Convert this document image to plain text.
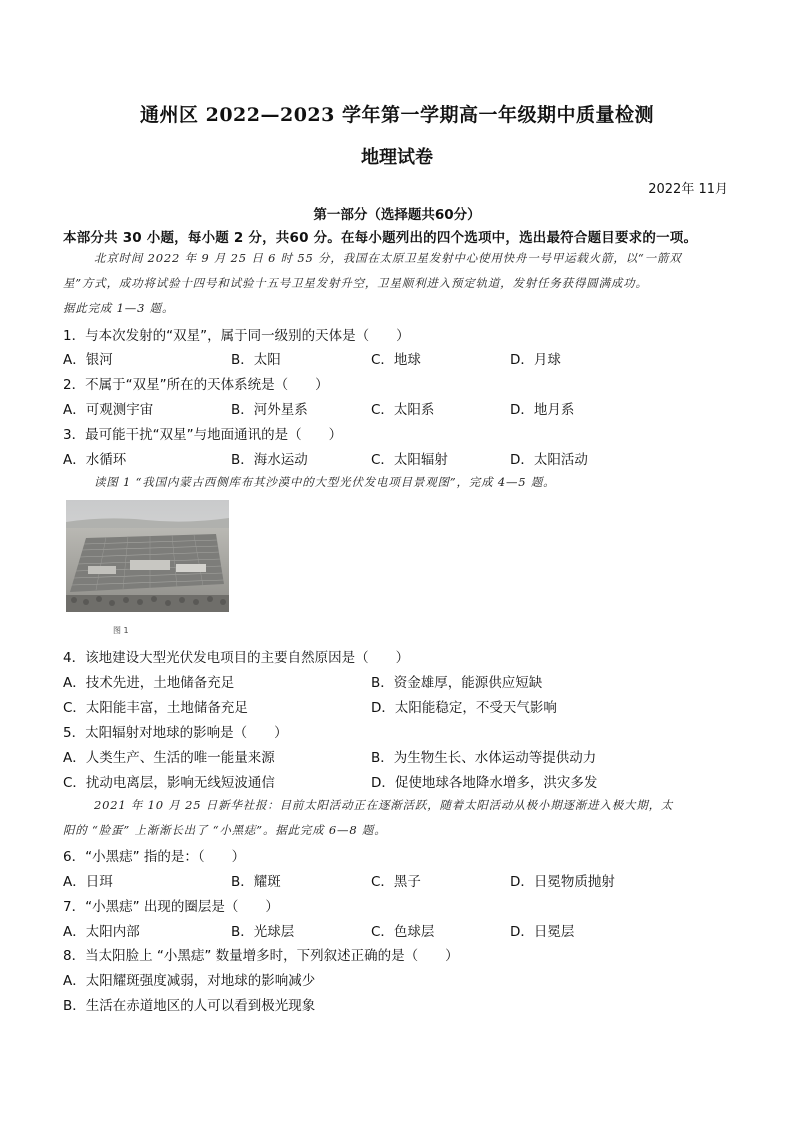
通州区 2022—2023 学年第一学期高一年级期中质量检测
地理试卷
2022年 11月
第一部分（选择题共60分）
本部分共 30 小题，每小题 2 分，共60 分。在每小题列出的四个选项中，选出最符合题目要求的一项。
北京时间 2022 年 9 月 25 日 6 时 55 分，我国在太原卫星发射中心使用快舟一号甲运载火箭，以“一箭双
星”方式，成功将试验十四号和试验十五号卫星发射升空，卫星顺利进入预定轨道，发射任务获得圆满成功。
据此完成 1—3 题。
1．与本次发射的“双星”，属于同一级别的天体是（　　）
A．银河	B．太阳	C．地球	D．月球
2．不属于“双星”所在的天体系统是（　　）
A．可观测宇宙	B．河外星系	C．太阳系	D．地月系
3．最可能干扰“双星”与地面通讯的是（　　）
A．水循环	B．海水运动	C．太阳辐射	D．太阳活动
读图 1 “我国内蒙古西侧库布其沙漠中的大型光伏发电项目景观图”，完成 4—5 题。
图 1
4．该地建设大型光伏发电项目的主要自然原因是（　　）
A．技术先进，土地储备充足	B．资金雄厚，能源供应短缺
C．太阳能丰富，土地储备充足	D．太阳能稳定，不受天气影响
5．太阳辐射对地球的影响是（　　）
A．人类生产、生活的唯一能量来源	B．为生物生长、水体运动等提供动力
C．扰动电离层，影响无线短波通信	D．促使地球各地降水增多，洪灾多发
2021 年 10 月 25 日新华社报：目前太阳活动正在逐渐活跃，随着太阳活动从极小期逐渐进入极大期，太
阳的 “脸蛋” 上渐渐长出了 “小黑痣”。据此完成 6—8 题。
6．“小黑痣” 指的是：（　　）
A．日珥	B．耀斑	C．黑子	D．日冕物质抛射
7．“小黑痣” 出现的圈层是（　　）
A．太阳内部	B．光球层	C．色球层	D．日冕层
8．当太阳脸上 “小黑痣” 数量增多时，下列叙述正确的是（　　）
A．太阳耀斑强度减弱，对地球的影响减少
B．生活在赤道地区的人可以看到极光现象
